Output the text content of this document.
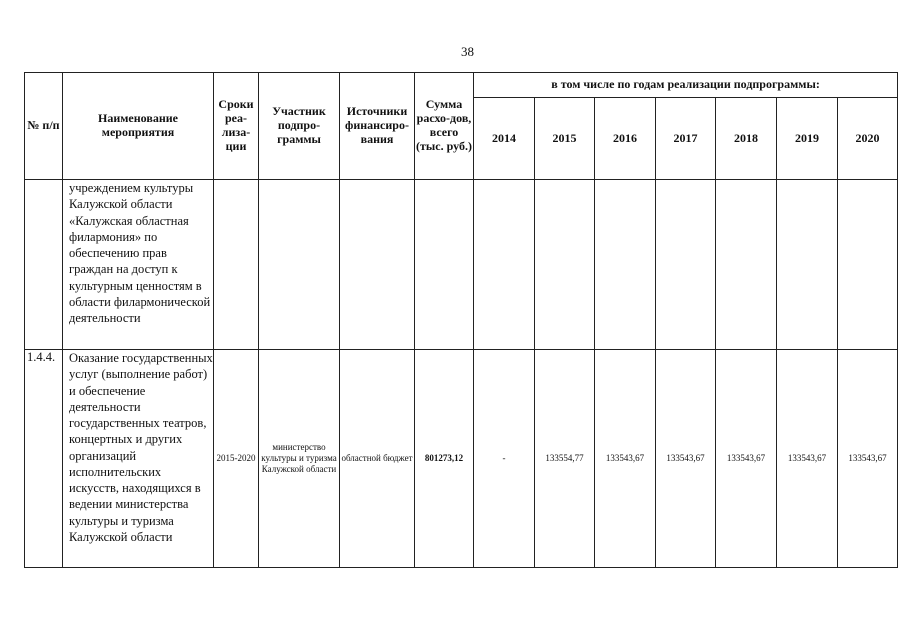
38
№ п/п	Наименование мероприятия	Сроки реа-лиза-ции	Участник подпро-граммы	Источники финансиро-вания	Сумма расхо-дов, всего (тыс. руб.)	в том числе по годам реализации подпрограммы:						
						2014	2015	2016	2017	2018	2019	2020
	учреждением культуры Калужской области «Калужская областная филармония» по обеспечению прав граждан на доступ к культурным ценностям в области филармонической деятельности											
1.4.4.	Оказание государственных услуг (выполнение работ) и обеспечение деятельности государственных театров, концертных и других организаций исполнительских искусств, находящихся в ведении министерства культуры и туризма Калужской области	2015-2020	министерство культуры и туризма Калужской области	областной бюджет	801273,12	-	133554,77	133543,67	133543,67	133543,67	133543,67	133543,67
